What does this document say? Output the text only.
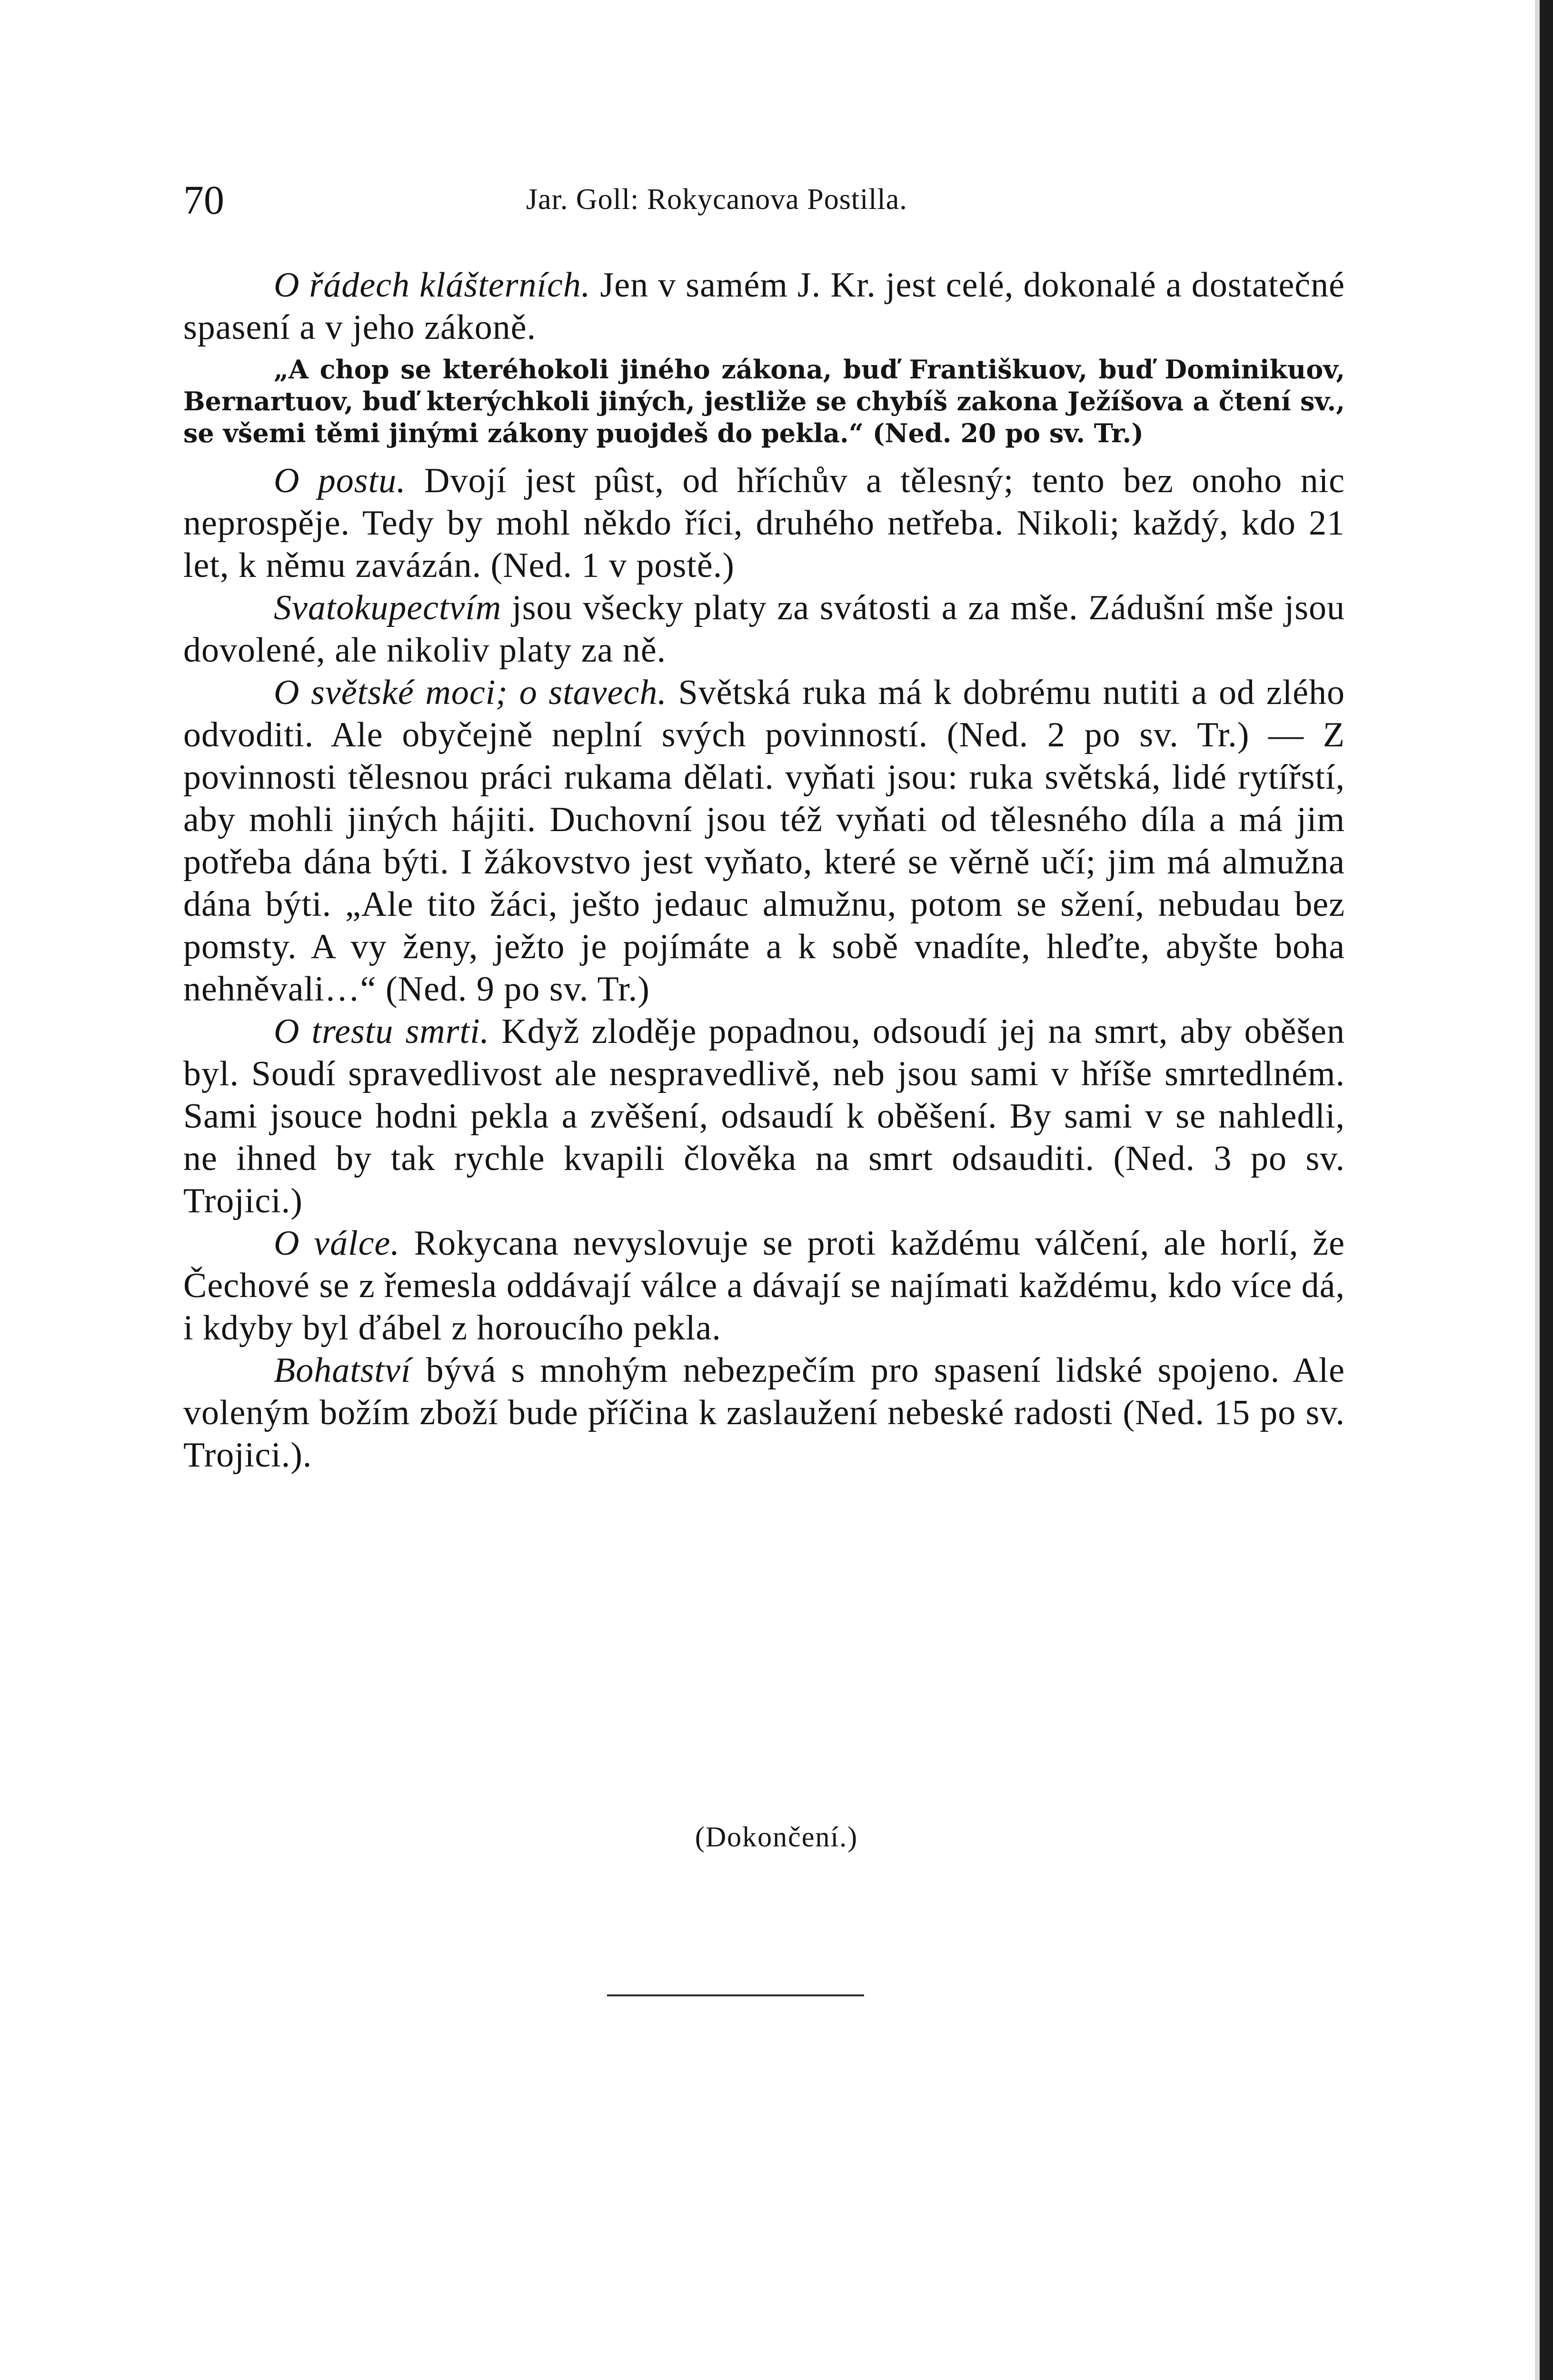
70	Jar. Goll: Rokycanova Postilla.

O řádech klášterních. Jen v samém J. Kr. jest celé, dokonalé a dostatečné spasení a v jeho zákoně.

„A chop se kteréhokoli jiného zákona, buď Františkuov, buď Dominikuov, Bernartuov, buď kterýchkoli jiných, jestliže se chybíš zakona Ježíšova a čtení sv., se všemi těmi jinými zákony puojdeš do pekla.“ (Ned. 20 po sv. Tr.)

O postu. Dvojí jest pûst, od hříchův a tělesný; tento bez onoho nic neprospěje. Tedy by mohl někdo říci, druhého netřeba. Nikoli; každý, kdo 21 let, k němu zavázán. (Ned. 1 v postě.)

Svatokupectvím jsou všecky platy za svátosti a za mše. Zádušní mše jsou dovolené, ale nikoliv platy za ně.

O světské moci; o stavech. Světská ruka má k dobrému nutiti a od zlého odvoditi. Ale obyčejně neplní svých povinností. (Ned. 2 po sv. Tr.) — Z povinnosti tělesnou práci rukama dělati. vyňati jsou: ruka světská, lidé rytířstí, aby mohli jiných hájiti. Duchovní jsou též vyňati od tělesného díla a má jim potřeba dána býti. I žákovstvo jest vyňato, které se věrně učí; jim má almužna dána býti. „Ale tito žáci, ješto jedauc almužnu, potom se sžení, nebudau bez pomsty. A vy ženy, ježto je pojímáte a k sobě vnadíte, hleďte, abyšte boha nehněvali…“ (Ned. 9 po sv. Tr.)

O trestu smrti. Když zloděje popadnou, odsoudí jej na smrt, aby oběšen byl. Soudí spravedlivost ale nespravedlivě, neb jsou sami v hříše smrtedlném. Sami jsouce hodni pekla a zvěšení, odsaudí k oběšení. By sami v se nahledli, ne ihned by tak rychle kvapili člověka na smrt odsauditi. (Ned. 3 po sv. Trojici.)

O válce. Rokycana nevyslovuje se proti každému válčení, ale horlí, že Čechové se z řemesla oddávají válce a dávají se najímati každému, kdo více dá, i kdyby byl ďábel z horoucího pekla.

Bohatství bývá s mnohým nebezpečím pro spasení lidské spojeno. Ale voleným božím zboží bude příčina k zaslaužení nebeské radosti (Ned. 15 po sv. Trojici.).

(Dokončení.)
